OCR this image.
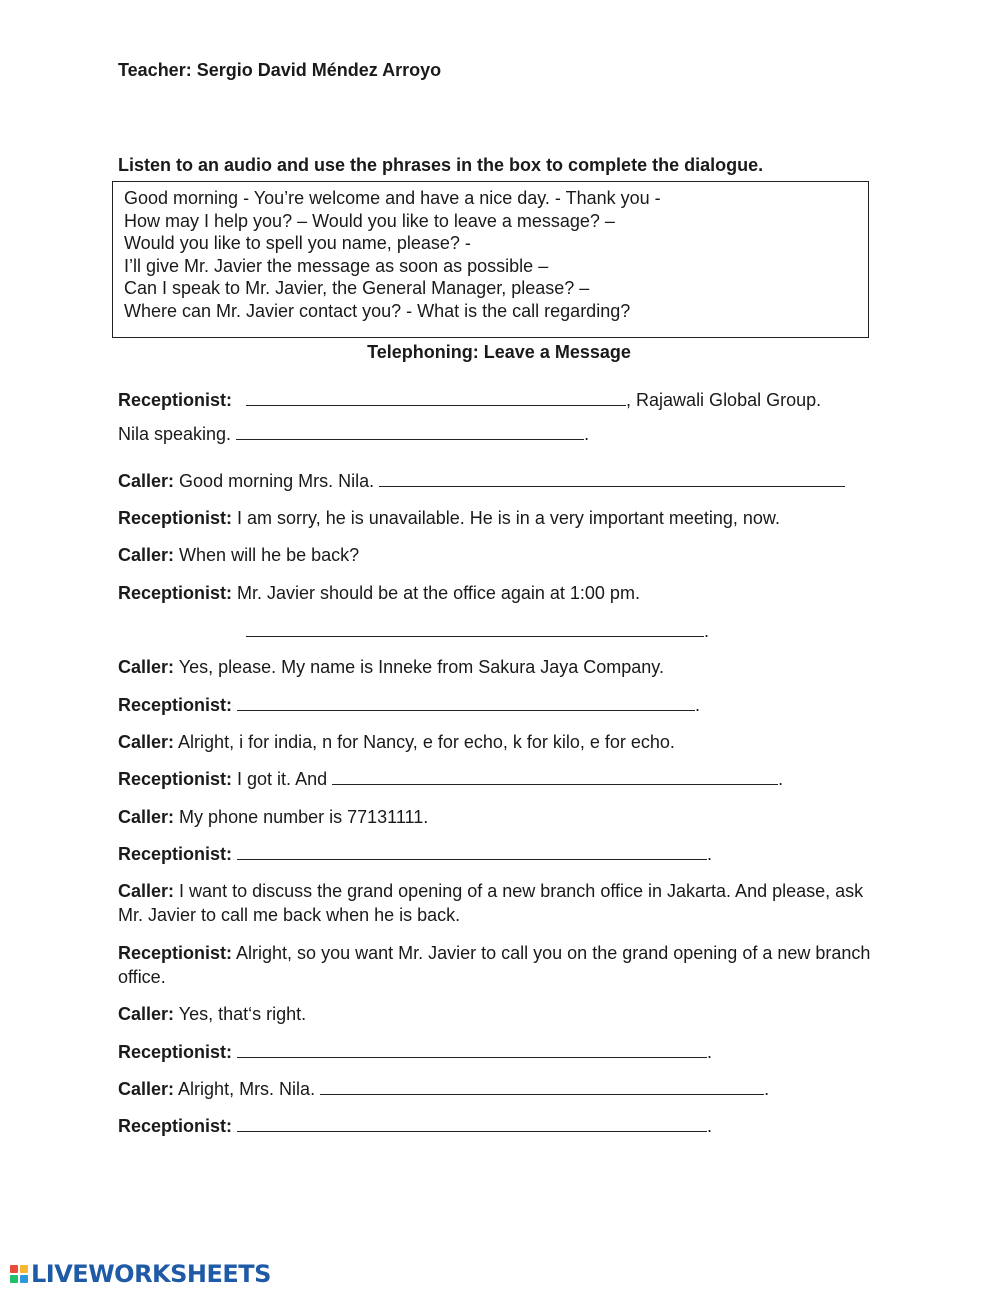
Teacher: Sergio David Méndez Arroyo
Listen to an audio and use the phrases in the box to complete the dialogue.
Good morning - You’re welcome and have a nice day. - Thank you -
How may I help you? – Would you like to leave a message? –
Would you like to spell you name, please? -
I’ll give Mr. Javier the message as soon as possible –
Can I speak to Mr. Javier, the General Manager, please? –
Where can Mr. Javier contact you? - What is the call regarding?
Telephoning: Leave a Message
Receptionist:	, Rajawali Global Group.
Nila speaking.	.
Caller: Good morning Mrs. Nila.
Receptionist: I am sorry, he is unavailable. He is in a very important meeting, now.
Caller: When will he be back?
Receptionist: Mr. Javier should be at the office again at 1:00 pm.
.
Caller: Yes, please. My name is Inneke from Sakura Jaya Company.
Receptionist:	.
Caller: Alright, i for india, n for Nancy, e for echo, k for kilo, e for echo.
Receptionist: I got it. And	.
Caller: My phone number is 77131111.
Receptionist:	.
Caller: I want to discuss the grand opening of a new branch office in Jakarta. And please, ask Mr. Javier to call me back when he is back.
Receptionist: Alright, so you want Mr. Javier to call you on the grand opening of a new branch office.
Caller: Yes, that‘s right.
Receptionist:	.
Caller: Alright, Mrs. Nila.	.
Receptionist:	.
LIVEWORKSHEETS
